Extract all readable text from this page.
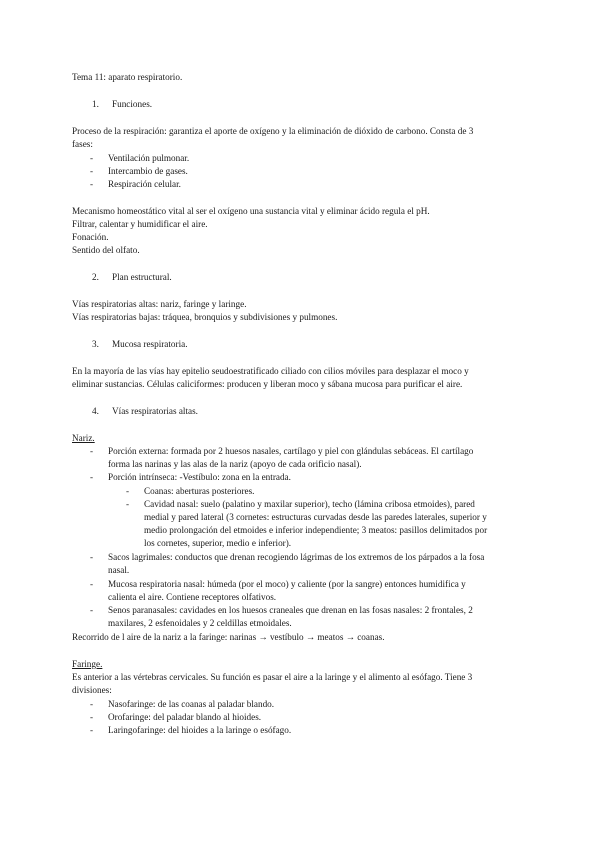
Tema 11: aparato respiratorio.

1. Funciones.

Proceso de la respiración: garantiza el aporte de oxígeno y la eliminación de dióxido de carbono. Consta de 3

fases:

- Ventilación pulmonar.

- Intercambio de gases.

- Respiración celular.

Mecanismo homeostático vital al ser el oxígeno una sustancia vital y eliminar ácido regula el pH.

Filtrar, calentar y humidificar el aire.

Fonación.

Sentido del olfato.

2. Plan estructural.

Vías respiratorias altas: nariz, faringe y laringe.

Vías respiratorias bajas: tráquea, bronquios y subdivisiones y pulmones.

3. Mucosa respiratoria.

En la mayoría de las vías hay epitelio seudoestratificado ciliado con cilios móviles para desplazar el moco y

eliminar sustancias. Células caliciformes: producen y liberan moco y sábana mucosa para purificar el aire.

4. Vías respiratorias altas.

Nariz.

- Porción externa: formada por 2 huesos nasales, cartílago y piel con glándulas sebáceas. El cartílago

forma las narinas y las alas de la nariz (apoyo de cada orificio nasal).

- Porción intrínseca: -Vestíbulo: zona en la entrada.

- Coanas: aberturas posteriores.

- Cavidad nasal: suelo (palatino y maxilar superior), techo (lámina cribosa etmoides), pared

medial y pared lateral (3 cornetes: estructuras curvadas desde las paredes laterales, superior y

medio prolongación del etmoides e inferior independiente; 3 meatos: pasillos delimitados por

los cornetes, superior, medio e inferior).

- Sacos lagrimales: conductos que drenan recogiendo lágrimas de los extremos de los párpados a la fosa

nasal.

- Mucosa respiratoria nasal: húmeda (por el moco) y caliente (por la sangre) entonces humidifica y

calienta el aire. Contiene receptores olfativos.

- Senos paranasales: cavidades en los huesos craneales que drenan en las fosas nasales: 2 frontales, 2

maxilares, 2 esfenoidales y 2 celdillas etmoidales.

Recorrido de l aire de la nariz a la faringe: narinas → vestíbulo → meatos → coanas.

Faringe.

Es anterior a las vértebras cervicales. Su función es pasar el aire a la laringe y el alimento al esófago. Tiene 3

divisiones:

- Nasofaringe: de las coanas al paladar blando.

- Orofaringe: del paladar blando al hioides.

- Laringofaringe: del hioides a la laringe o esófago.
